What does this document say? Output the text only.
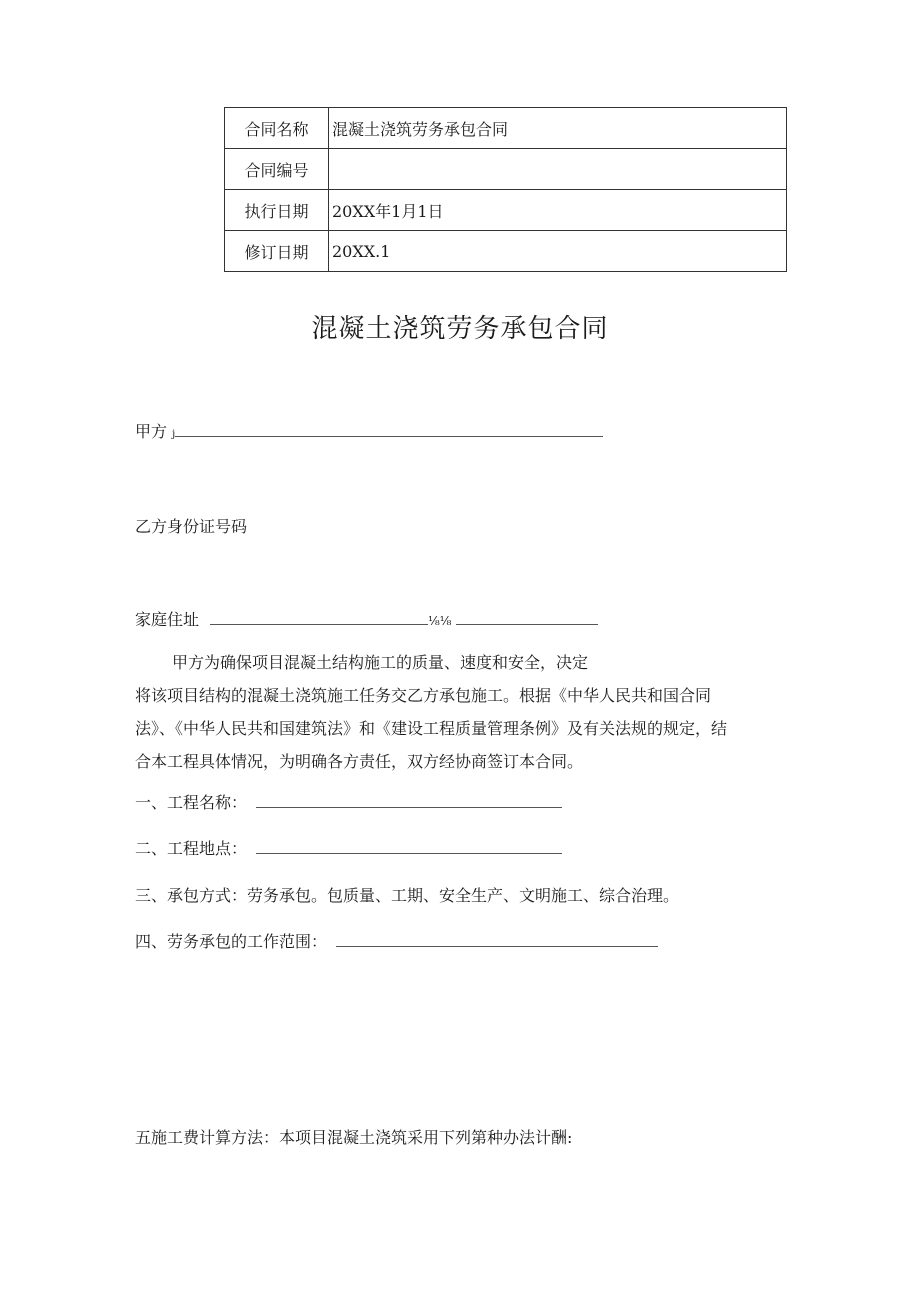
合同名称	混凝土浇筑劳务承包合同
合同编号	
执行日期	20XX年1月1日
修订日期	20XX.1
混凝土浇筑劳务承包合同
甲方 j
乙方身份证号码
家庭住址	⅛⅛

甲方为确保项目混凝土结构施工的质量、速度和安全，决定

将该项目结构的混凝土浇筑施工任务交乙方承包施工。根据《中华人民共和国合同

法》、《中华人民共和国建筑法》和《建设工程质量管理条例》及有关法规的规定，结

合本工程具体情况，为明确各方责任，双方经协商签订本合同。

一、工程名称：
二、工程地点：
三、承包方式：劳务承包。包质量、工期、安全生产、文明施工、综合治理。
四、劳务承包的工作范围：
五施工费计算方法：本项目混凝土浇筑采用下列第种办法计酬:
